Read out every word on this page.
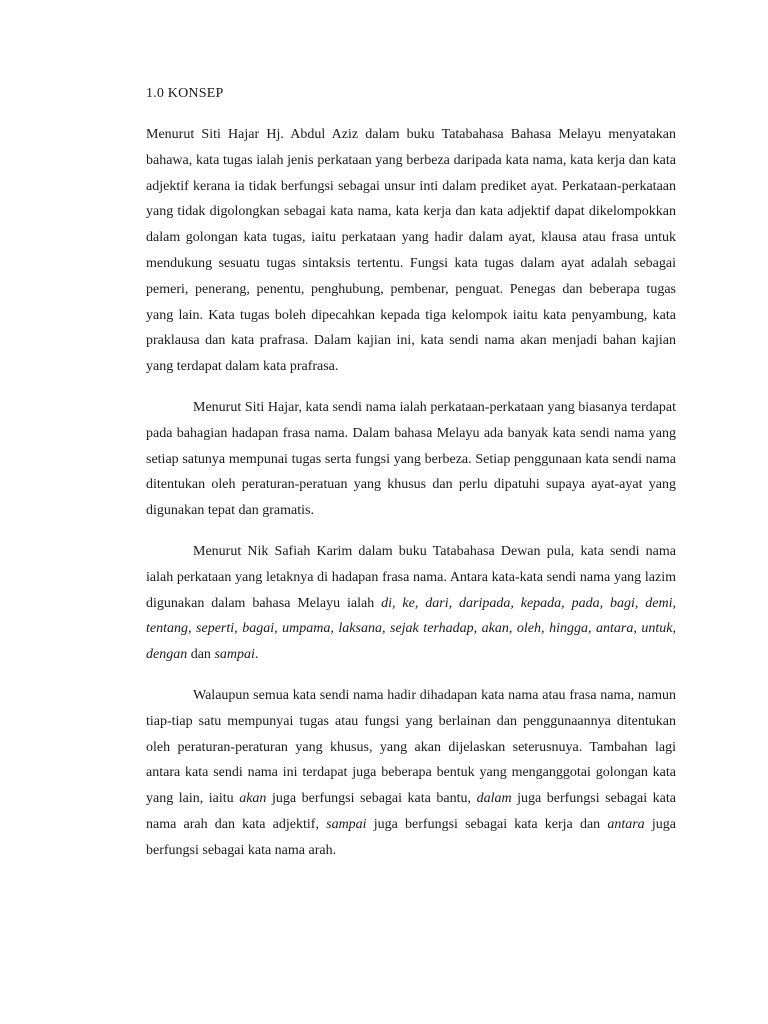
1.0 KONSEP

Menurut Siti Hajar Hj. Abdul Aziz dalam buku Tatabahasa Bahasa Melayu menyatakan bahawa, kata tugas ialah jenis perkataan yang berbeza daripada kata nama, kata kerja dan kata adjektif kerana ia tidak berfungsi sebagai unsur inti dalam prediket ayat. Perkataan-perkataan yang tidak digolongkan sebagai kata nama, kata kerja dan kata adjektif dapat dikelompokkan dalam golongan kata tugas, iaitu perkataan yang hadir dalam ayat, klausa atau frasa untuk mendukung sesuatu tugas sintaksis tertentu. Fungsi kata tugas dalam ayat adalah sebagai pemeri, penerang, penentu, penghubung, pembenar, penguat. Penegas dan beberapa tugas yang lain. Kata tugas boleh dipecahkan kepada tiga kelompok iaitu kata penyambung, kata praklausa dan kata prafrasa. Dalam kajian ini, kata sendi nama akan menjadi bahan kajian yang terdapat dalam kata prafrasa.

Menurut Siti Hajar, kata sendi nama ialah perkataan-perkataan yang biasanya terdapat pada bahagian hadapan frasa nama. Dalam bahasa Melayu ada banyak kata sendi nama yang setiap satunya mempunai tugas serta fungsi yang berbeza. Setiap penggunaan kata sendi nama ditentukan oleh peraturan-peratuan yang khusus dan perlu dipatuhi supaya ayat-ayat yang digunakan tepat dan gramatis.

Menurut Nik Safiah Karim dalam buku Tatabahasa Dewan pula, kata sendi nama ialah perkataan yang letaknya di hadapan frasa nama. Antara kata-kata sendi nama yang lazim digunakan dalam bahasa Melayu ialah di, ke, dari, daripada, kepada, pada, bagi, demi, tentang, seperti, bagai, umpama, laksana, sejak terhadap, akan, oleh, hingga, antara, untuk, dengan dan sampai.

Walaupun semua kata sendi nama hadir dihadapan kata nama atau frasa nama, namun tiap-tiap satu mempunyai tugas atau fungsi yang berlainan dan penggunaannya ditentukan oleh peraturan-peraturan yang khusus, yang akan dijelaskan seterusnuya. Tambahan lagi antara kata sendi nama ini terdapat juga beberapa bentuk yang menganggotai golongan kata yang lain, iaitu akan juga berfungsi sebagai kata bantu, dalam juga berfungsi sebagai kata nama arah dan kata adjektif, sampai juga berfungsi sebagai kata kerja dan antara juga berfungsi sebagai kata nama arah.
